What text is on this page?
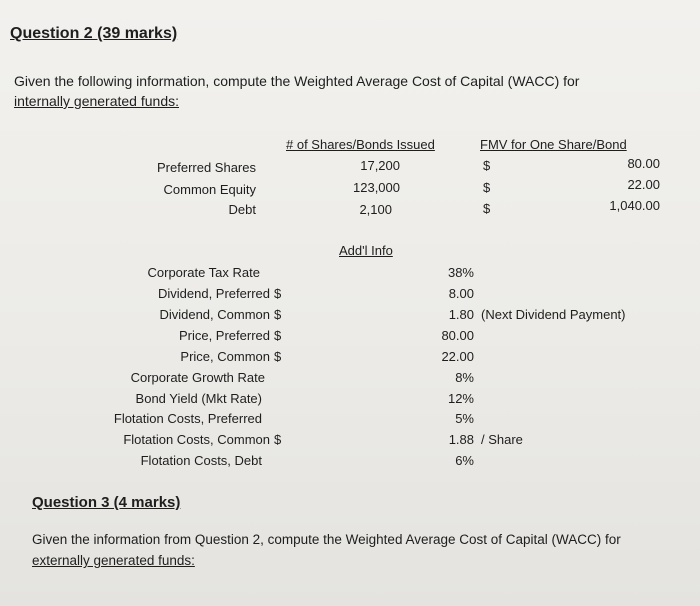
Question 2 (39 marks)
Given the following information, compute the Weighted Average Cost of Capital (WACC) for
internally generated funds:
# of Shares/Bonds Issued	FMV for One Share/Bond
Preferred Shares	17,200	$	80.00
Common Equity	123,000	$	22.00
Debt	2,100	$	1,040.00
Add'l Info
Corporate Tax Rate	38%
Dividend, Preferred $	8.00
Dividend, Common $	1.80 (Next Dividend Payment)
Price, Preferred $	80.00
Price, Common $	22.00
Corporate Growth Rate	8%
Bond Yield (Mkt Rate)	12%
Flotation Costs, Preferred	5%
Flotation Costs, Common $	1.88 / Share
Flotation Costs, Debt	6%
Question 3 (4 marks)
Given the information from Question 2, compute the Weighted Average Cost of Capital (WACC) for
externally generated funds:
